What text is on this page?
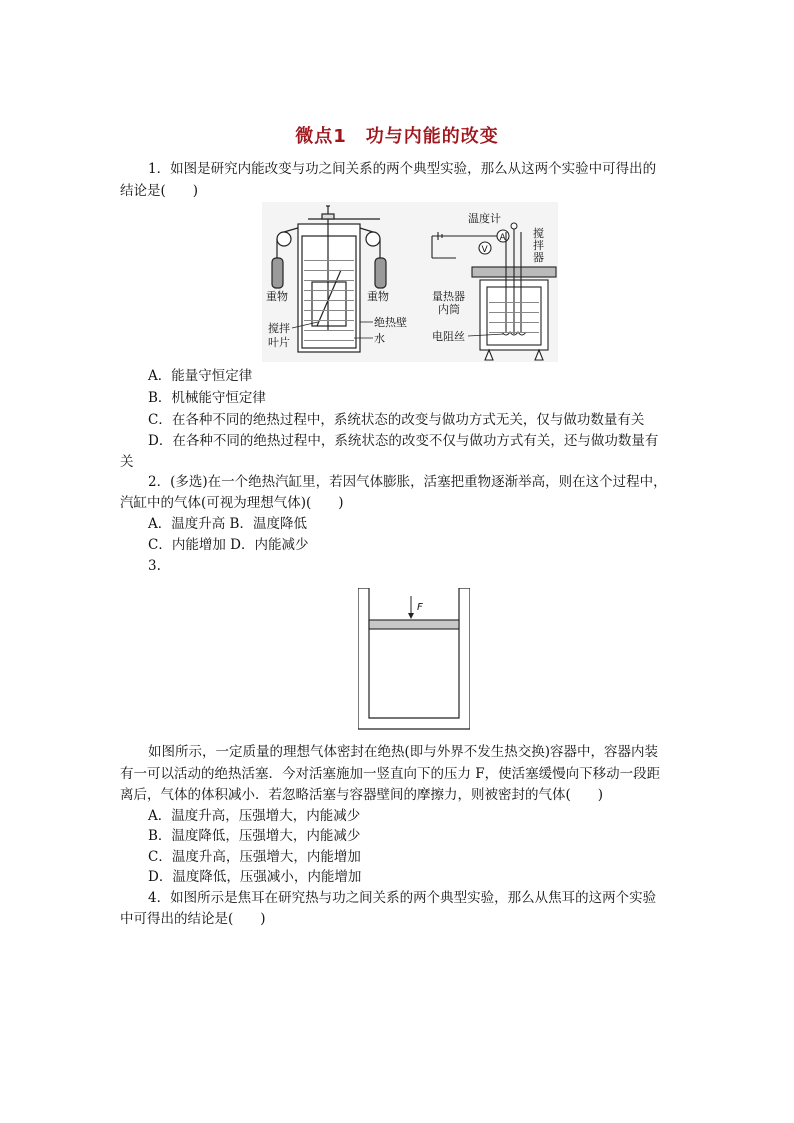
微点1　功与内能的改变
1．如图是研究内能改变与功之间关系的两个典型实验，那么从这两个实验中可得出的
结论是(　　)
重物	重物
搅拌
叶片
绝热壁
水
V
A
温度计
搅
拌
器
量热器
内筒
电阻丝
A．能量守恒定律
B．机械能守恒定律
C．在各种不同的绝热过程中，系统状态的改变与做功方式无关，仅与做功数量有关
D．在各种不同的绝热过程中，系统状态的改变不仅与做功方式有关，还与做功数量有
关
2．(多选)在一个绝热汽缸里，若因气体膨胀，活塞把重物逐渐举高，则在这个过程中，
汽缸中的气体(可视为理想气体)(　　)
A．温度升高 B．温度降低
C．内能增加 D．内能减少
3.
F
如图所示，一定质量的理想气体密封在绝热(即与外界不发生热交换)容器中，容器内装
有一可以活动的绝热活塞．今对活塞施加一竖直向下的压力 F，使活塞缓慢向下移动一段距
离后，气体的体积减小．若忽略活塞与容器壁间的摩擦力，则被密封的气体(　　)
A．温度升高，压强增大，内能减少
B．温度降低，压强增大，内能减少
C．温度升高，压强增大，内能增加
D．温度降低，压强减小，内能增加
4．如图所示是焦耳在研究热与功之间关系的两个典型实验，那么从焦耳的这两个实验
中可得出的结论是(　　)
